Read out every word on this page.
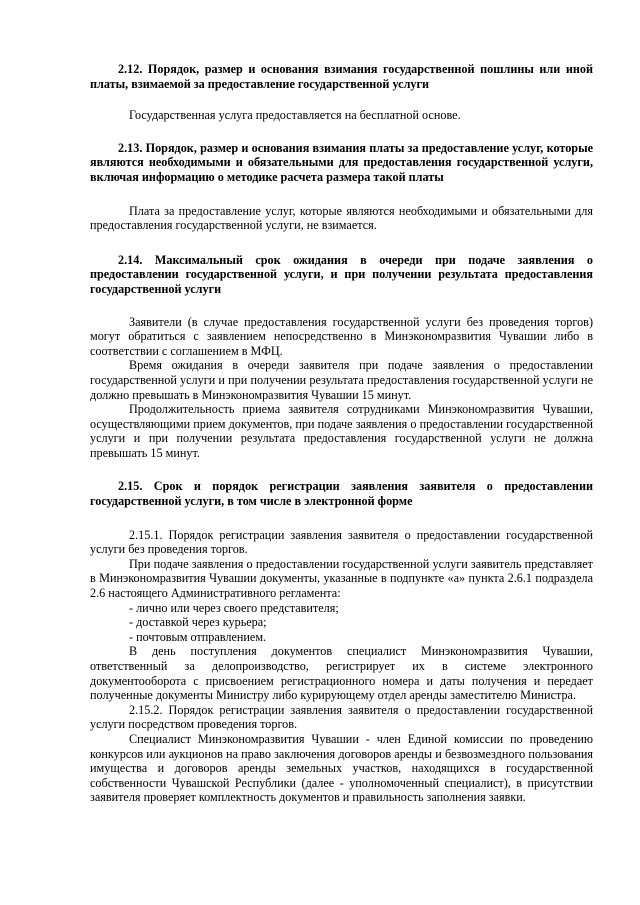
2.12. Порядок, размер и основания взимания государственной пошлины или иной платы, взимаемой за предоставление государственной услуги

Государственная услуга предоставляется на бесплатной основе.

2.13. Порядок, размер и основания взимания платы за предоставление услуг, которые являются необходимыми и обязательными для предоставления государственной услуги, включая информацию о методике расчета размера такой платы

Плата за предоставление услуг, которые являются необходимыми и обязательными для предоставления государственной услуги, не взимается.

2.14. Максимальный срок ожидания в очереди при подаче заявления о предоставлении государственной услуги, и при получении результата предоставления государственной услуги

Заявители (в случае предоставления государственной услуги без проведения торгов) могут обратиться с заявлением непосредственно в Минэкономразвития Чувашии либо в соответствии с соглашением в МФЦ.

Время ожидания в очереди заявителя при подаче заявления о предоставлении государственной услуги и при получении результата предоставления государственной услуги не должно превышать в Минэкономразвития Чувашии 15 минут.

Продолжительность приема заявителя сотрудниками Минэкономразвития Чувашии, осуществляющими прием документов, при подаче заявления о предоставлении государственной услуги и при получении результата предоставления государственной услуги не должна превышать 15 минут.

2.15. Срок и порядок регистрации заявления заявителя о предоставлении государственной услуги, в том числе в электронной форме

2.15.1. Порядок регистрации заявления заявителя о предоставлении государственной услуги без проведения торгов.

При подаче заявления о предоставлении государственной услуги заявитель представляет в Минэкономразвития Чувашии документы, указанные в подпункте «а» пункта 2.6.1 подраздела 2.6 настоящего Административного регламента:

- лично или через своего представителя;

- доставкой через курьера;

- почтовым отправлением.

В день поступления документов специалист Минэкономразвития Чувашии, ответственный за делопроизводство, регистрирует их в системе электронного документооборота с присвоением регистрационного номера и даты получения и передает полученные документы Министру либо курирующему отдел аренды заместителю Министра.

2.15.2. Порядок регистрации заявления заявителя о предоставлении государственной услуги посредством проведения торгов.

Специалист Минэкономразвития Чувашии - член Единой комиссии по проведению конкурсов или аукционов на право заключения договоров аренды и безвозмездного пользования имущества и договоров аренды земельных участков, находящихся в государственной собственности Чувашской Республики (далее - уполномоченный специалист), в присутствии заявителя проверяет комплектность документов и правильность заполнения заявки.
